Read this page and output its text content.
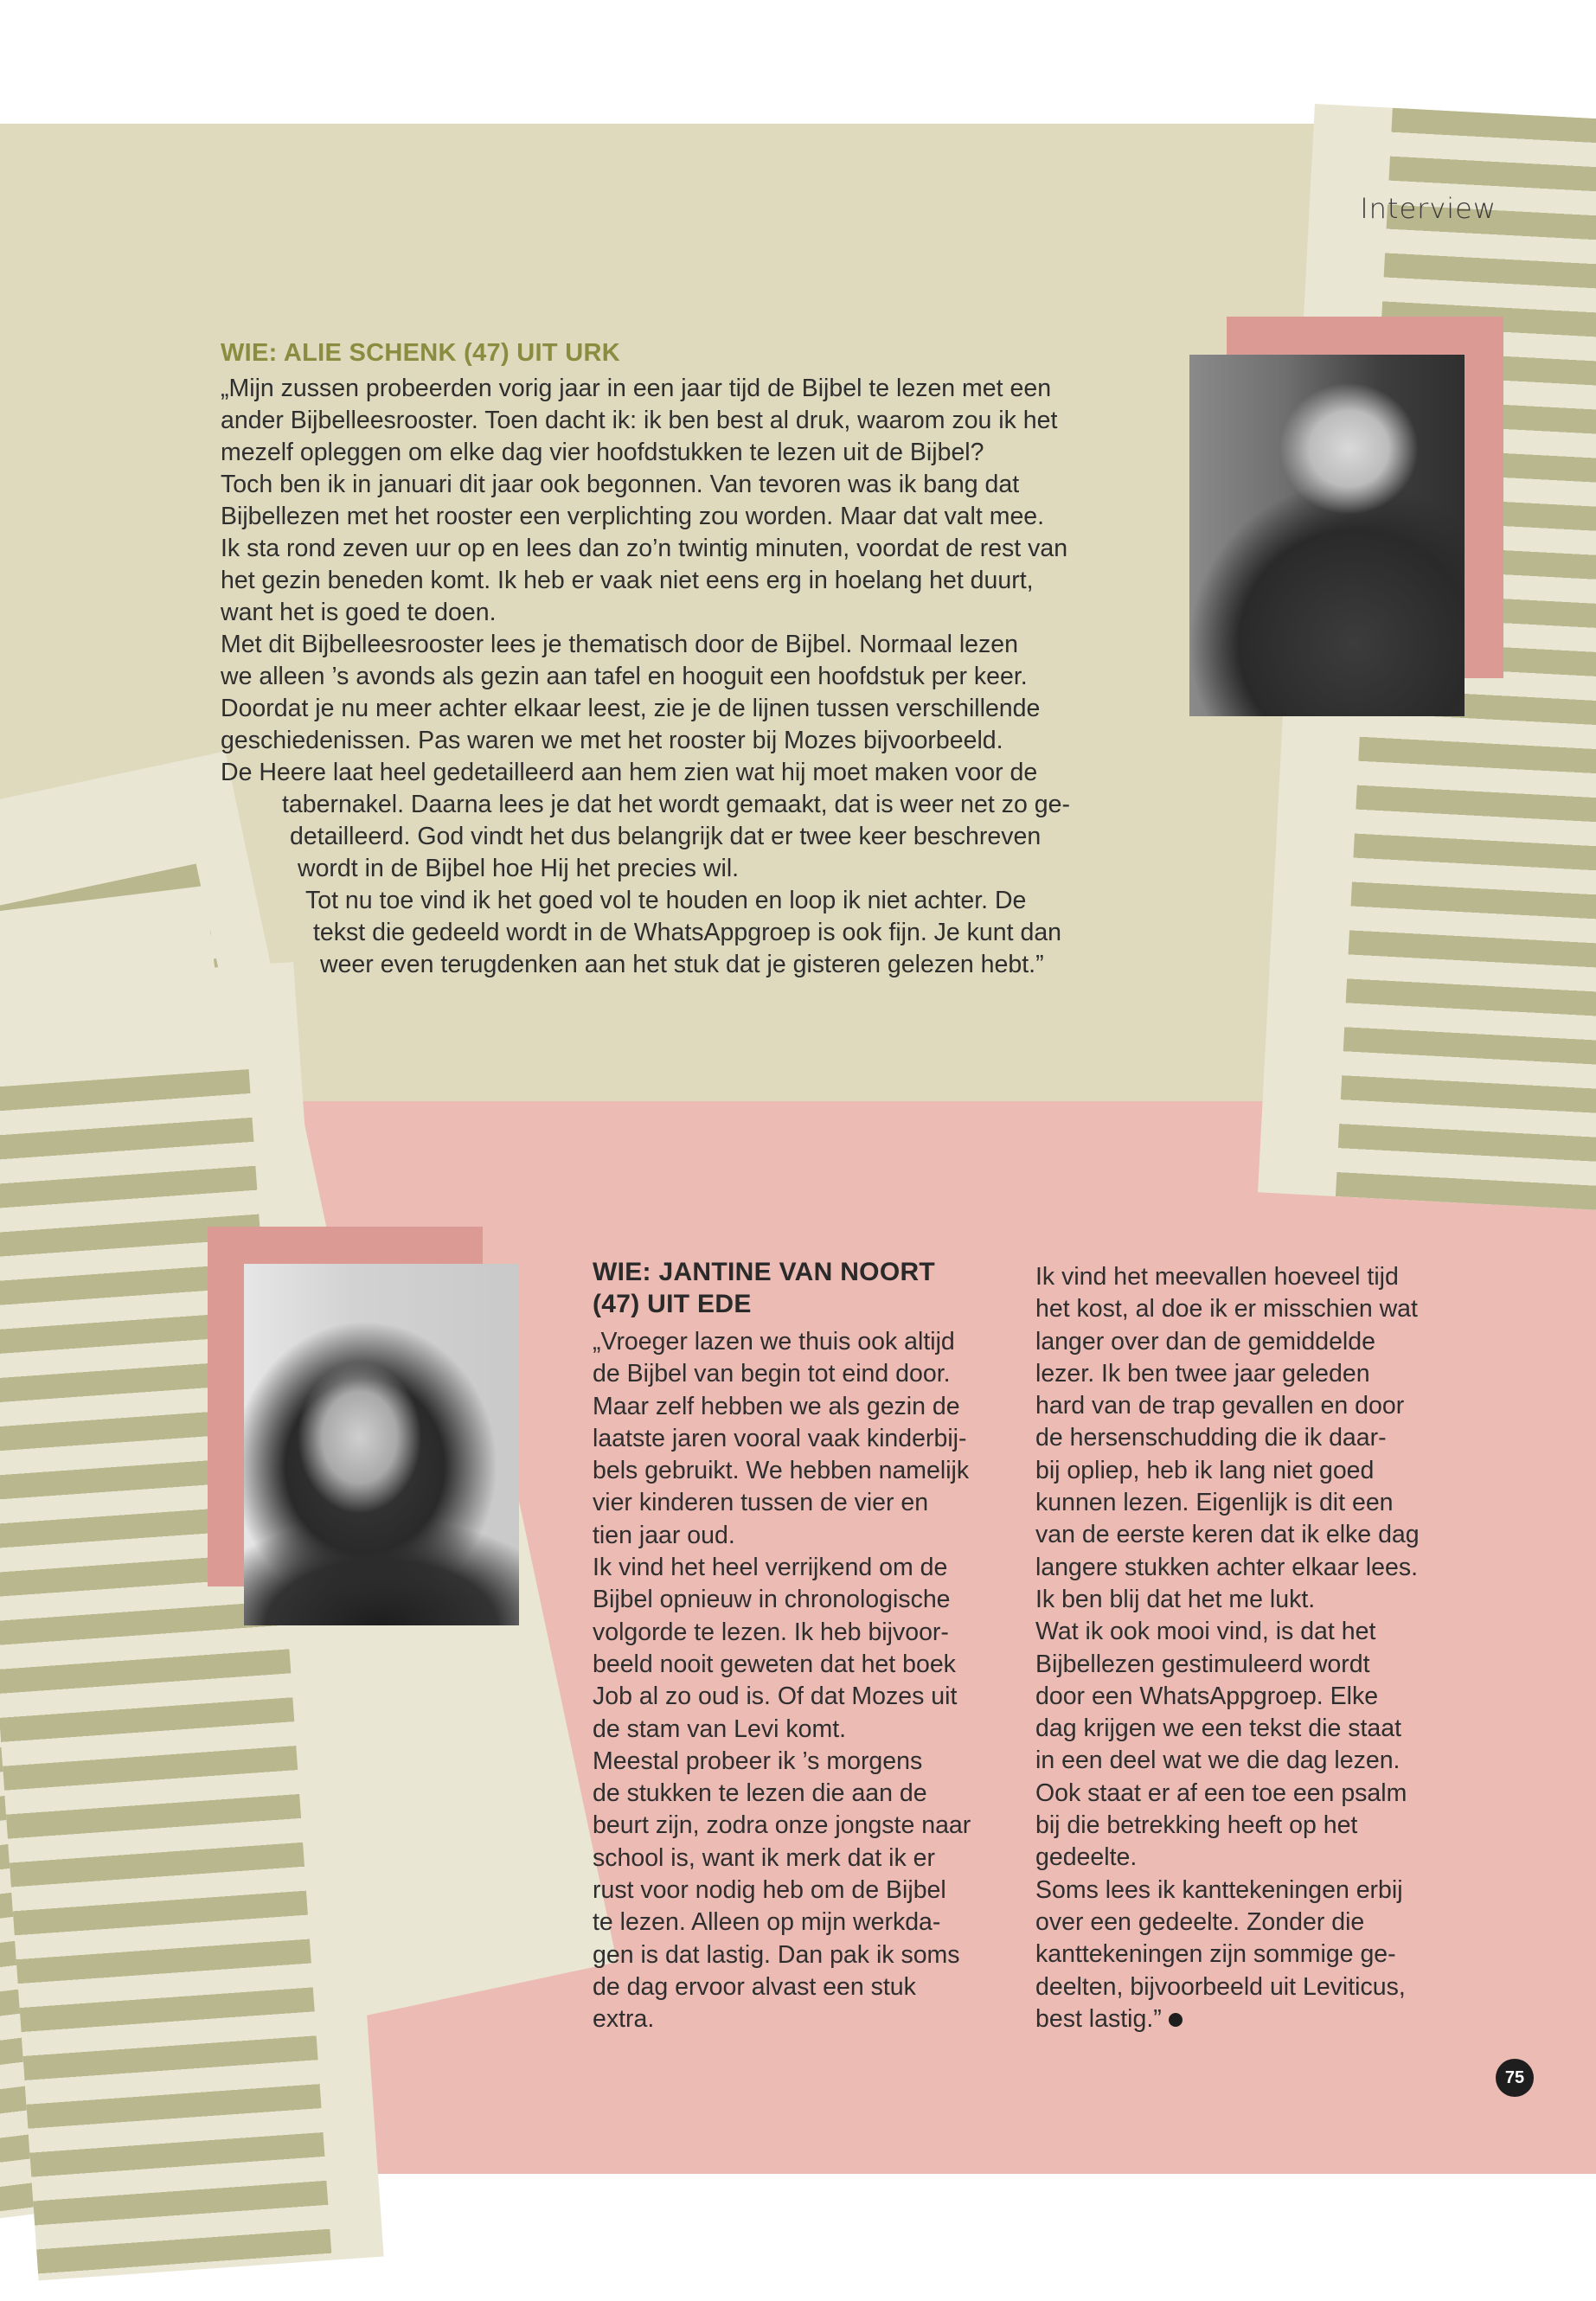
Interview
WIE: ALIE SCHENK (47) UIT URK
„Mijn zussen probeerden vorig jaar in een jaar tijd de Bijbel te lezen met een
ander Bijbelleesrooster. Toen dacht ik: ik ben best al druk, waarom zou ik het
mezelf opleggen om elke dag vier hoofdstukken te lezen uit de Bijbel?
Toch ben ik in januari dit jaar ook begonnen. Van tevoren was ik bang dat
Bijbellezen met het rooster een verplichting zou worden. Maar dat valt mee.
Ik sta rond zeven uur op en lees dan zo’n twintig minuten, voordat de rest van
het gezin beneden komt. Ik heb er vaak niet eens erg in hoelang het duurt,
want het is goed te doen.
Met dit Bijbelleesrooster lees je thematisch door de Bijbel. Normaal lezen
we alleen ’s avonds als gezin aan tafel en hooguit een hoofdstuk per keer.
Doordat je nu meer achter elkaar leest, zie je de lijnen tussen verschillende
geschiedenissen. Pas waren we met het rooster bij Mozes bijvoorbeeld.
De Heere laat heel gedetailleerd aan hem zien wat hij moet maken voor de
tabernakel. Daarna lees je dat het wordt gemaakt, dat is weer net zo ge-
detailleerd. God vindt het dus belangrijk dat er twee keer beschreven
wordt in de Bijbel hoe Hij het precies wil.
Tot nu toe vind ik het goed vol te houden en loop ik niet achter. De
tekst die gedeeld wordt in de WhatsAppgroep is ook fijn. Je kunt dan
weer even terugdenken aan het stuk dat je gisteren gelezen hebt.”
WIE: JANTINE VAN NOORT
(47) UIT EDE

„Vroeger lazen we thuis ook altijd
de Bijbel van begin tot eind door.
Maar zelf hebben we als gezin de
laatste jaren vooral vaak kinderbij-
bels gebruikt. We hebben namelijk
vier kinderen tussen de vier en
tien jaar oud.
Ik vind het heel verrijkend om de
Bijbel opnieuw in chronologische
volgorde te lezen. Ik heb bijvoor-
beeld nooit geweten dat het boek
Job al zo oud is. Of dat Mozes uit
de stam van Levi komt.
Meestal probeer ik ’s morgens
de stukken te lezen die aan de
beurt zijn, zodra onze jongste naar
school is, want ik merk dat ik er
rust voor nodig heb om de Bijbel
te lezen. Alleen op mijn werkda-
gen is dat lastig. Dan pak ik soms
de dag ervoor alvast een stuk
extra.

Ik vind het meevallen hoeveel tijd
het kost, al doe ik er misschien wat
langer over dan de gemiddelde
lezer. Ik ben twee jaar geleden
hard van de trap gevallen en door
de hersenschudding die ik daar-
bij opliep, heb ik lang niet goed
kunnen lezen. Eigenlijk is dit een
van de eerste keren dat ik elke dag
langere stukken achter elkaar lees.
Ik ben blij dat het me lukt.
Wat ik ook mooi vind, is dat het
Bijbellezen gestimuleerd wordt
door een WhatsAppgroep. Elke
dag krijgen we een tekst die staat
in een deel wat we die dag lezen.
Ook staat er af een toe een psalm
bij die betrekking heeft op het
gedeelte.
Soms lees ik kanttekeningen erbij
over een gedeelte. Zonder die
kanttekeningen zijn sommige ge-
deelten, bijvoorbeeld uit Leviticus,
best lastig.”
75
